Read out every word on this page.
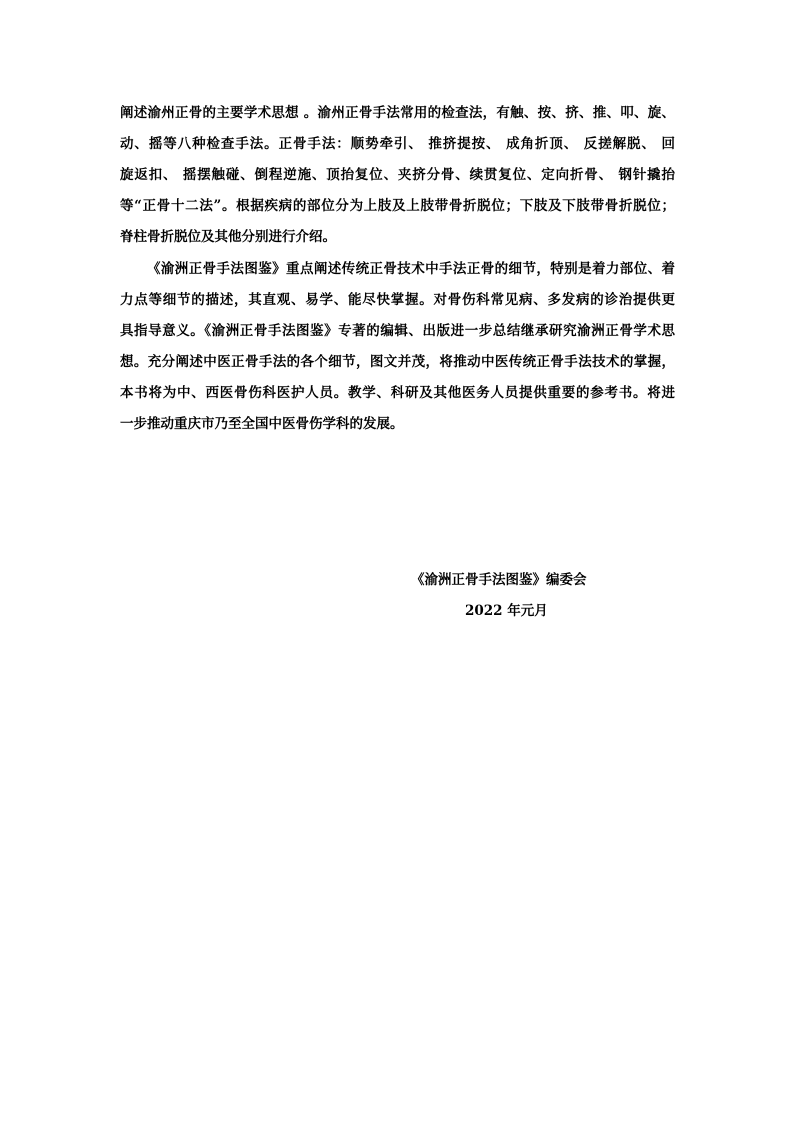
阐述渝州正骨的主要学术思想 。渝州正骨手法常用的检查法，有触、按、挤、推、叩、旋、
动、摇等八种检查手法。正骨手法：顺势牵引、 推挤提按、 成角折顶、 反搓解脱、 回
旋返扣、 摇摆触碰、倒程逆施、顶抬复位、夹挤分骨、续贯复位、定向折骨、 钢针撬抬
等“正骨十二法”。根据疾病的部位分为上肢及上肢带骨折脱位；下肢及下肢带骨折脱位；
脊柱骨折脱位及其他分别进行介绍。
《渝洲正骨手法图鉴》重点阐述传统正骨技术中手法正骨的细节，特别是着力部位、着
力点等细节的描述，其直观、易学、能尽快掌握。对骨伤科常见病、多发病的诊治提供更
具指导意义。《渝洲正骨手法图鉴》专著的编辑、出版进一步总结继承研究渝洲正骨学术思
想。充分阐述中医正骨手法的各个细节，图文并茂，将推动中医传统正骨手法技术的掌握，
本书将为中、西医骨伤科医护人员。教学、科研及其他医务人员提供重要的参考书。将进
一步推动重庆市乃至全国中医骨伤学科的发展。
《渝洲正骨手法图鉴》编委会
2022 年元月
